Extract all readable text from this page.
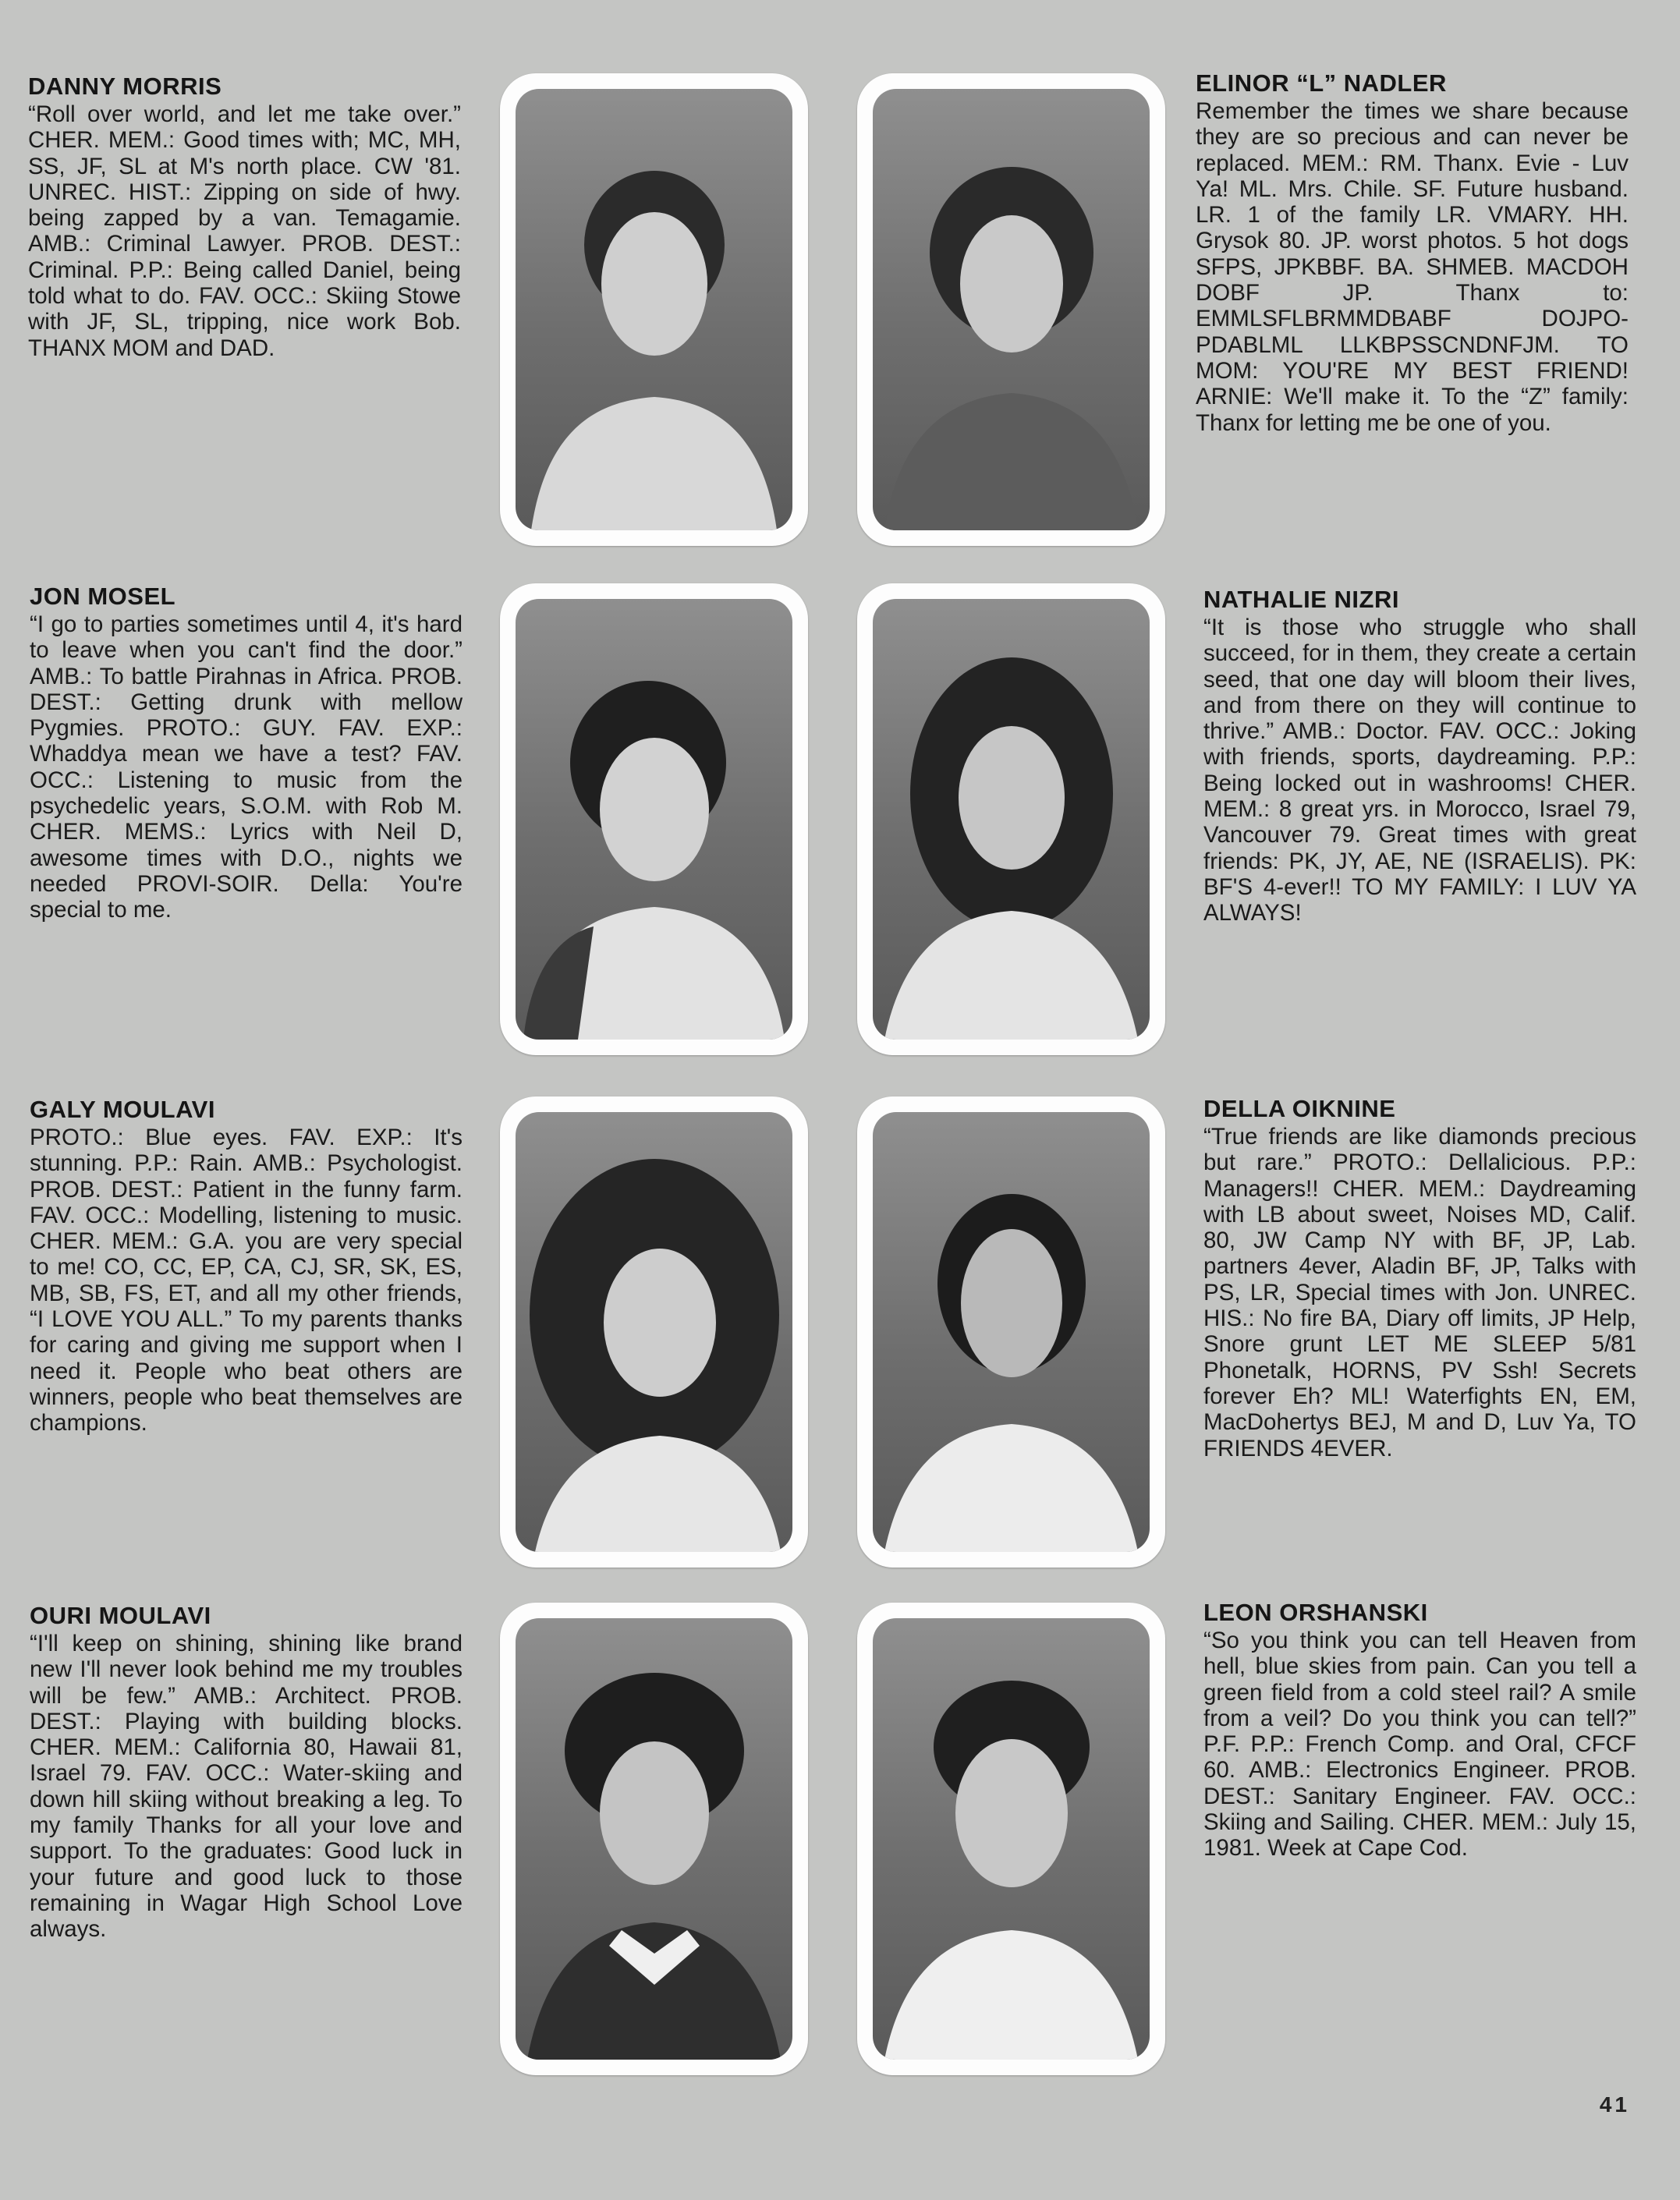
DANNY MORRIS

“Roll over world, and let me take over.” CHER. MEM.: Good times with; MC, MH, SS, JF, SL at M's north place. CW '81. UNREC. HIST.: Zipping on side of hwy. being zapped by a van. Temagamie. AMB.: Criminal Lawyer. PROB. DEST.: Criminal. P.P.: Being called Daniel, being told what to do. FAV. OCC.: Skiing Stowe with JF, SL, tripping, nice work Bob. THANX MOM and DAD.

ELINOR “L” NADLER

Remember the times we share because they are so precious and can never be replaced. MEM.: RM. Thanx. Evie - Luv Ya! ML. Mrs. Chile. SF. Future husband. LR. 1 of the family LR. VMARY. HH. Grysok 80. JP. worst photos. 5 hot dogs SFPS, JPKBBF. BA. SHMEB. MACDOH DOBF JP. Thanx to: EMMLSFLBRMMDBABF DOJPO-PDABLML LLKBPSSCNDNFJM. TO MOM: YOU'RE MY BEST FRIEND! ARNIE: We'll make it. To the “Z” family: Thanx for letting me be one of you.

JON MOSEL

“I go to parties sometimes until 4, it's hard to leave when you can't find the door.” AMB.: To battle Pirahnas in Africa. PROB. DEST.: Getting drunk with mellow Pygmies. PROTO.: GUY. FAV. EXP.: Whaddya mean we have a test? FAV. OCC.: Listening to music from the psychedelic years, S.O.M. with Rob M. CHER. MEMS.: Lyrics with Neil D, awesome times with D.O., nights we needed PROVI-SOIR. Della: You're special to me.

NATHALIE NIZRI

“It is those who struggle who shall succeed, for in them, they create a certain seed, that one day will bloom their lives, and from there on they will continue to thrive.” AMB.: Doctor. FAV. OCC.: Joking with friends, sports, daydreaming. P.P.: Being locked out in washrooms! CHER. MEM.: 8 great yrs. in Morocco, Israel 79, Vancouver 79. Great times with great friends: PK, JY, AE, NE (ISRAELIS). PK: BF'S 4-ever!! TO MY FAMILY: I LUV YA ALWAYS!

GALY MOULAVI

PROTO.: Blue eyes. FAV. EXP.: It's stunning. P.P.: Rain. AMB.: Psychologist. PROB. DEST.: Patient in the funny farm. FAV. OCC.: Modelling, listening to music. CHER. MEM.: G.A. you are very special to me! CO, CC, EP, CA, CJ, SR, SK, ES, MB, SB, FS, ET, and all my other friends, “I LOVE YOU ALL.” To my parents thanks for caring and giving me support when I need it. People who beat others are winners, people who beat themselves are champions.

DELLA OIKNINE

“True friends are like diamonds precious but rare.” PROTO.: Dellalicious. P.P.: Managers!! CHER. MEM.: Daydreaming with LB about sweet, Noises MD, Calif. 80, JW Camp NY with BF, JP, Lab. partners 4ever, Aladin BF, JP, Talks with PS, LR, Special times with Jon. UNREC. HIS.: No fire BA, Diary off limits, JP Help, Snore grunt LET ME SLEEP 5/81 Phonetalk, HORNS, PV Ssh! Secrets forever Eh? ML! Waterfights EN, EM, MacDohertys BEJ, M and D, Luv Ya, TO FRIENDS 4EVER.

OURI MOULAVI

“I'll keep on shining, shining like brand new I'll never look behind me my troubles will be few.” AMB.: Architect. PROB. DEST.: Playing with building blocks. CHER. MEM.: California 80, Hawaii 81, Israel 79. FAV. OCC.: Water-skiing and down hill skiing without breaking a leg. To my family Thanks for all your love and support. To the graduates: Good luck in your future and good luck to those remaining in Wagar High School Love always.

LEON ORSHANSKI

“So you think you can tell Heaven from hell, blue skies from pain. Can you tell a green field from a cold steel rail? A smile from a veil? Do you think you can tell?” P.F. P.P.: French Comp. and Oral, CFCF 60. AMB.: Electronics Engineer. PROB. DEST.: Sanitary Engineer. FAV. OCC.: Skiing and Sailing. CHER. MEM.: July 15, 1981. Week at Cape Cod.

41
